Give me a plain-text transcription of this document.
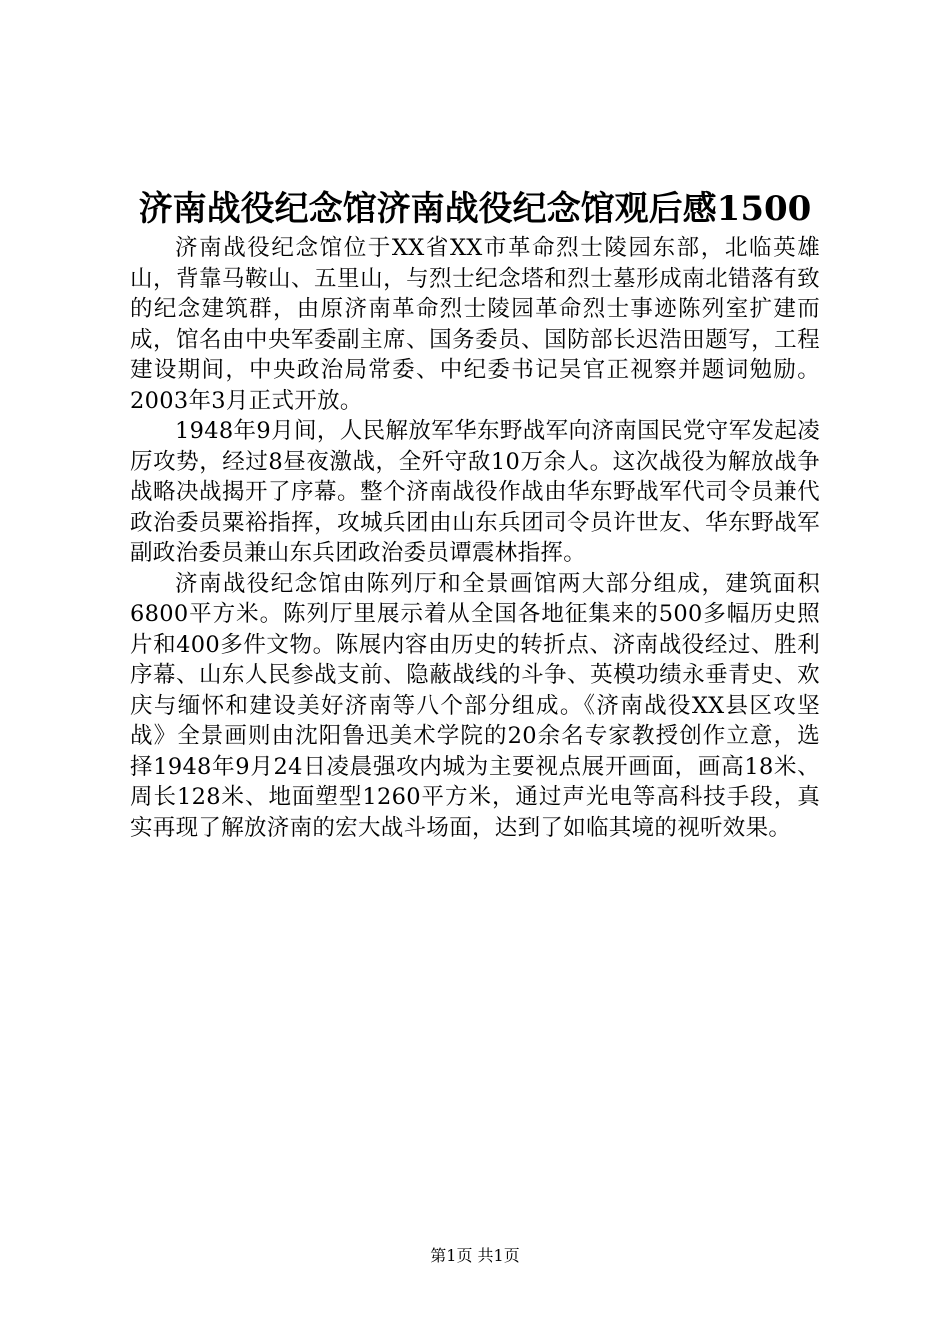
济南战役纪念馆济南战役纪念馆观后感1500

济南战役纪念馆位于XX省XX市革命烈士陵园东部，北临英雄山，背靠马鞍山、五里山，与烈士纪念塔和烈士墓形成南北错落有致的纪念建筑群，由原济南革命烈士陵园革命烈士事迹陈列室扩建而成，馆名由中央军委副主席、国务委员、国防部长迟浩田题写，工程建设期间，中央政治局常委、中纪委书记吴官正视察并题词勉励。2003年3月正式开放。

1948年9月间，人民解放军华东野战军向济南国民党守军发起凌厉攻势，经过8昼夜激战，全歼守敌10万余人。这次战役为解放战争战略决战揭开了序幕。整个济南战役作战由华东野战军代司令员兼代政治委员粟裕指挥，攻城兵团由山东兵团司令员许世友、华东野战军副政治委员兼山东兵团政治委员谭震林指挥。

济南战役纪念馆由陈列厅和全景画馆两大部分组成，建筑面积6800平方米。陈列厅里展示着从全国各地征集来的500多幅历史照片和400多件文物。陈展内容由历史的转折点、济南战役经过、胜利序幕、山东人民参战支前、隐蔽战线的斗争、英模功绩永垂青史、欢庆与缅怀和建设美好济南等八个部分组成。《济南战役XX县区攻坚战》全景画则由沈阳鲁迅美术学院的20余名专家教授创作立意，选择1948年9月24日凌晨强攻内城为主要视点展开画面，画高18米、周长128米、地面塑型1260平方米，通过声光电等高科技手段，真实再现了解放济南的宏大战斗场面，达到了如临其境的视听效果。

第1页 共1页
